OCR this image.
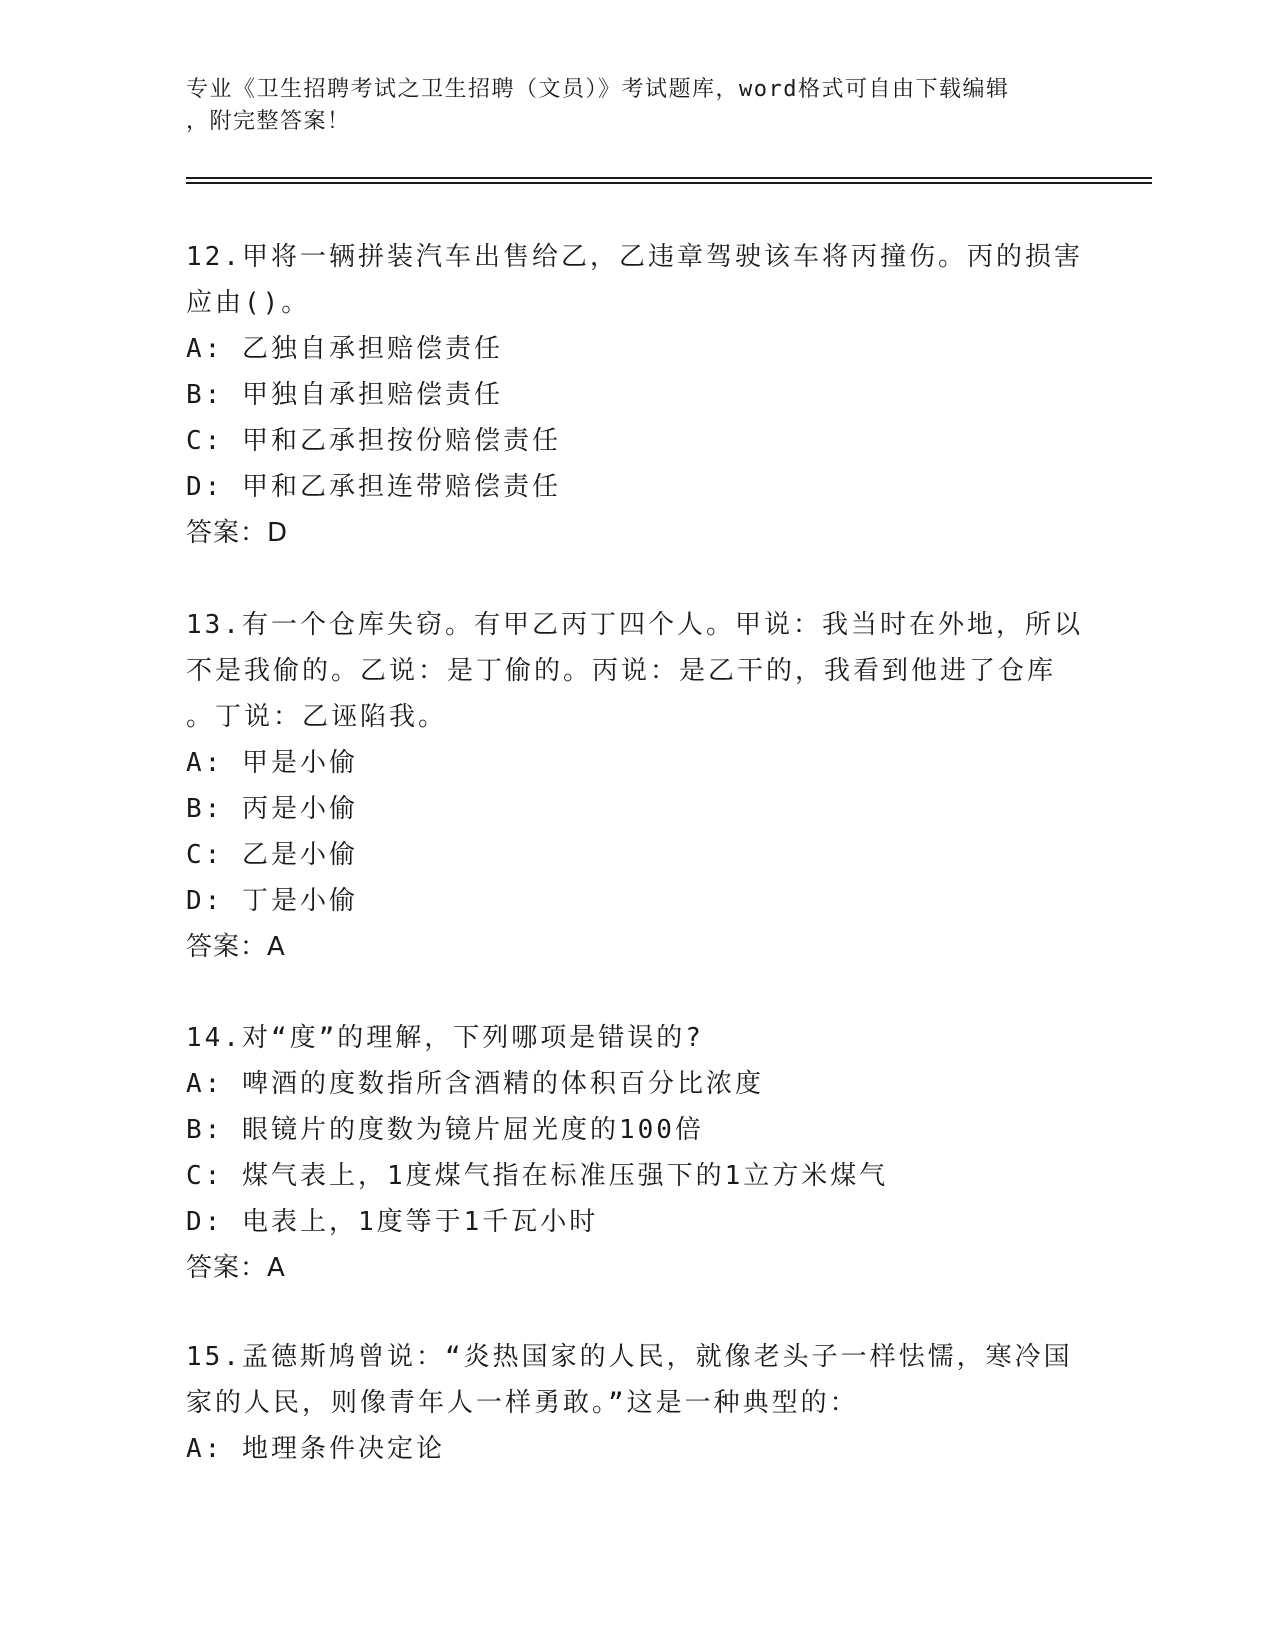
专业《卫生招聘考试之卫生招聘（文员）》考试题库，word格式可自由下载编辑
，附完整答案！
12.甲将一辆拼装汽车出售给乙，乙违章驾驶该车将丙撞伤。丙的损害
应由()。
A: 乙独自承担赔偿责任
B: 甲独自承担赔偿责任
C: 甲和乙承担按份赔偿责任
D: 甲和乙承担连带赔偿责任
答案：D
13.有一个仓库失窃。有甲乙丙丁四个人。甲说：我当时在外地，所以
不是我偷的。乙说：是丁偷的。丙说：是乙干的，我看到他进了仓库
。丁说：乙诬陷我。
A: 甲是小偷
B: 丙是小偷
C: 乙是小偷
D: 丁是小偷
答案：A
14.对“度”的理解，下列哪项是错误的?
A: 啤酒的度数指所含酒精的体积百分比浓度
B: 眼镜片的度数为镜片屈光度的100倍
C: 煤气表上，1度煤气指在标准压强下的1立方米煤气
D: 电表上，1度等于1千瓦小时
答案：A
15.孟德斯鸠曾说：“炎热国家的人民，就像老头子一样怯懦，寒冷国
家的人民，则像青年人一样勇敢。”这是一种典型的：
A: 地理条件决定论
